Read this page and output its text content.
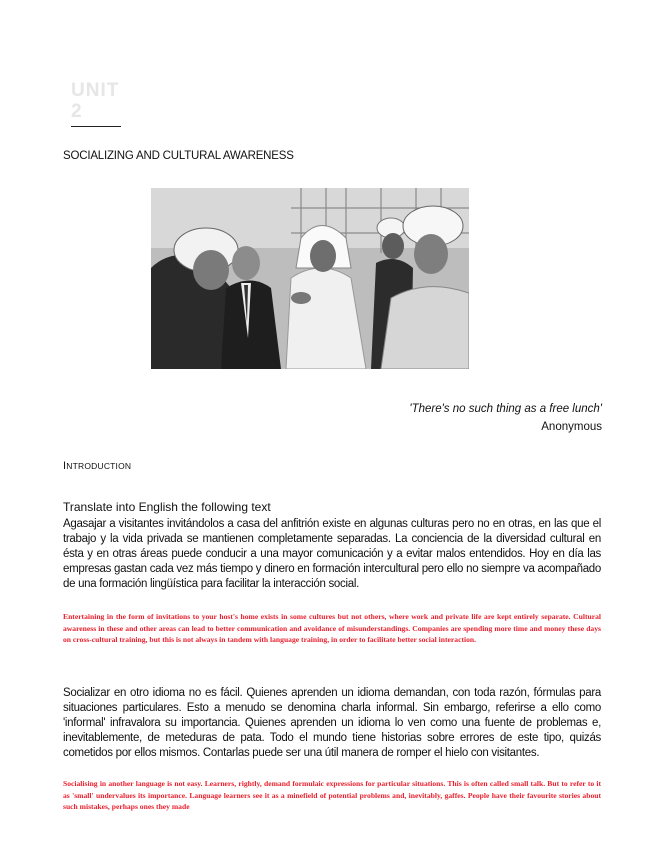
UNIT
2
SOCIALIZING AND CULTURAL AWARENESS
'There's no such thing as a free lunch'
Anonymous
INTRODUCTION
Translate into English the following text
Agasajar a visitantes invitándolos a casa del anfitrión existe en algunas culturas pero no en otras, en las que el trabajo y la vida privada se mantienen completamente separadas. La conciencia de la diversidad cultural en ésta y en otras áreas puede conducir a una mayor comunicación y a evitar malos entendidos. Hoy en día las empresas gastan cada vez más tiempo y dinero en formación intercultural pero ello no siempre va acompañado de una formación lingüística para facilitar la interacción social.
Entertaining in the form of invitations to your host's home exists in some cultures but not others, where work and private life are kept entirely separate. Cultural awareness in these and other areas can lead to better communication and avoidance of misunderstandings. Companies are spending more time and money these days on cross-cultural training, but this is not always in tandem with language training, in order to facilitate better social interaction.
Socializar en otro idioma no es fácil. Quienes aprenden un idioma demandan, con toda razón, fórmulas para situaciones particulares. Esto a menudo se denomina charla informal. Sin embargo, referirse a ello como 'informal' infravalora su importancia. Quienes aprenden un idioma lo ven como una fuente de problemas e, inevitablemente, de meteduras de pata. Todo el mundo tiene historias sobre errores de este tipo, quizás cometidos por ellos mismos. Contarlas puede ser una útil manera de romper el hielo con visitantes.
Socialising in another language is not easy. Learners, rightly, demand formulaic expressions for particular situations. This is often called small talk. But to refer to it as 'small' undervalues its importance. Language learners see it as a minefield of potential problems and, inevitably, gaffes. People have their favourite stories about such mistakes, perhaps ones they made
